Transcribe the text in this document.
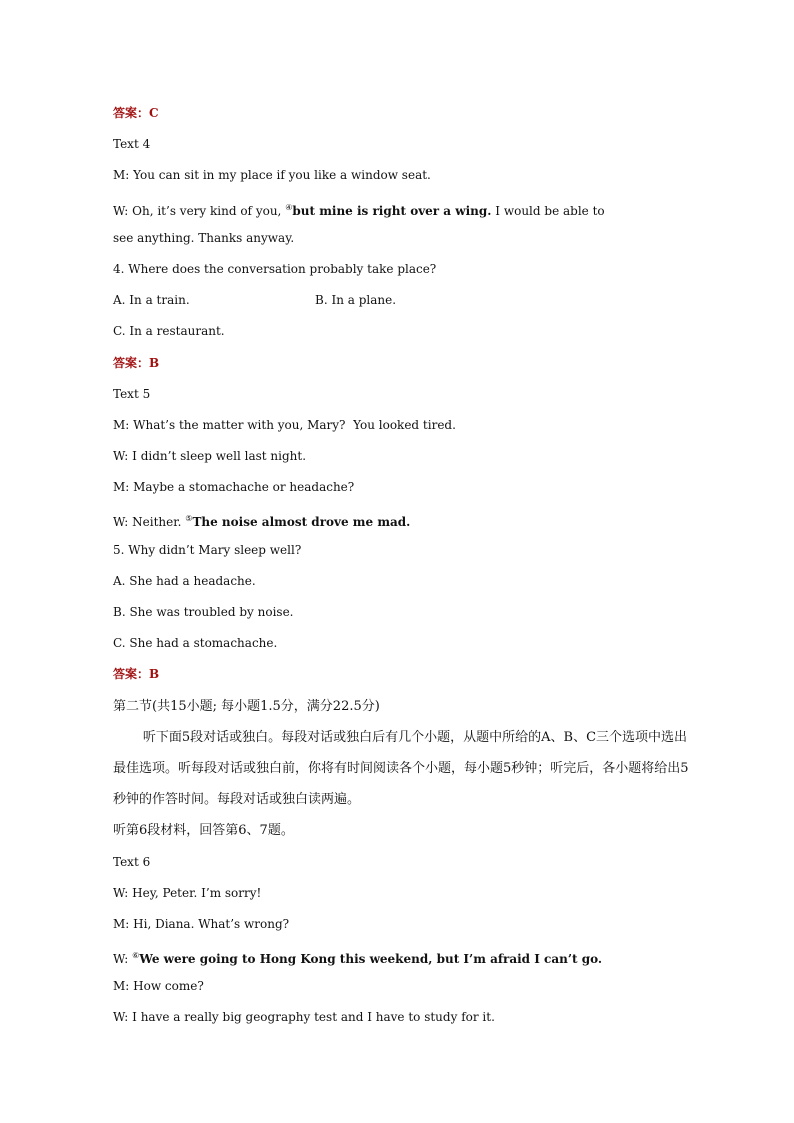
答案：C
Text 4
M: You can sit in my place if you like a window seat.
W: Oh, it’s very kind of you, ④but mine is right over a wing. I would be able to
see anything. Thanks anyway.
4. Where does the conversation probably take place?
A. In a train.	B. In a plane.
C. In a restaurant.
答案：B
Text 5
M: What’s the matter with you, Mary?  You looked tired.
W: I didn’t sleep well last night.
M: Maybe a stomachache or headache?
W: Neither. ⑤The noise almost drove me mad.
5. Why didn’t Mary sleep well?
A. She had a headache.
B. She was troubled by noise.
C. She had a stomachache.
答案：B
第二节(共15小题; 每小题1.5分，满分22.5分)
听下面5段对话或独白。每段对话或独白后有几个小题，从题中所给的A、B、C三个选项中选出最佳选项。听每段对话或独白前，你将有时间阅读各个小题，每小题5秒钟；听完后，各小题将给出5秒钟的作答时间。每段对话或独白读两遍。
听第6段材料，回答第6、7题。
Text 6
W: Hey, Peter. I’m sorry!
M: Hi, Diana. What’s wrong?
W: ⑥We were going to Hong Kong this weekend, but I’m afraid I can’t go.
M: How come?
W: I have a really big geography test and I have to study for it.
